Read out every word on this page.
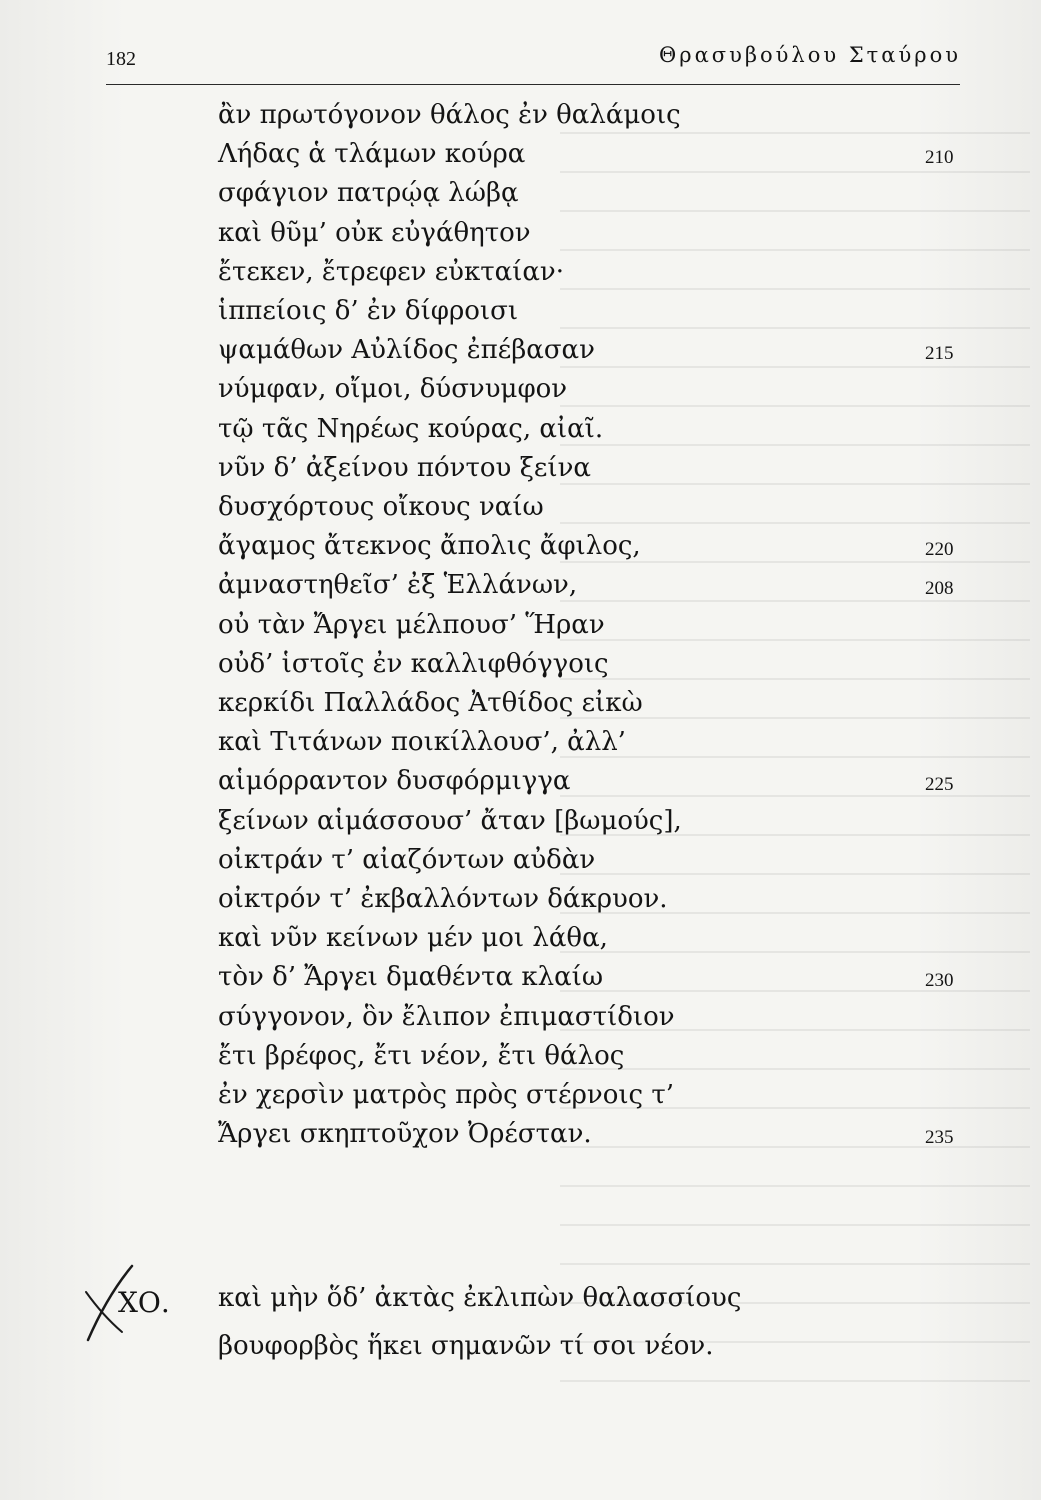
182	Θρασυβούλου Σταύρου
ἂν πρωτόγονον θάλος ἐν θαλάμοις
Λήδας ἁ τλάμων κούρα	210
σφάγιον πατρῴᾳ λώβᾳ
καὶ θῦμ’ οὐκ εὐγάθητον
ἔτεκεν, ἔτρεφεν εὐκταίαν·
ἱππείοις δ’ ἐν δίφροισι
ψαμάθων Αὐλίδος ἐπέβασαν	215
νύμφαν, οἴμοι, δύσνυμφον
τῷ τᾶς Νηρέως κούρας, αἰαῖ.
νῦν δ’ ἀξείνου πόντου ξείνα
δυσχόρτους οἴκους ναίω
ἄγαμος ἄτεκνος ἄπολις ἄφιλος,	220
ἀμναστηθεῖσ’ ἐξ Ἑλλάνων,	208
οὐ τὰν Ἄργει μέλπουσ’ Ἥραν
οὐδ’ ἱστοῖς ἐν καλλιφθόγγοις
κερκίδι Παλλάδος Ἀτθίδος εἰκὼ
καὶ Τιτάνων ποικίλλουσ’, ἀλλ’
αἱμόρραντον δυσφόρμιγγα	225
ξείνων αἱμάσσουσ’ ἄταν [βωμούς],
οἰκτράν τ’ αἰαζόντων αὐδὰν
οἰκτρόν τ’ ἐκβαλλόντων δάκρυον.
καὶ νῦν κείνων μέν μοι λάθα,
τὸν δ’ Ἄργει δμαθέντα κλαίω	230
σύγγονον, ὃν ἔλιπον ἐπιμαστίδιον
ἔτι βρέφος, ἔτι νέον, ἔτι θάλος
ἐν χερσὶν ματρὸς πρὸς στέρνοις τ’
Ἄργει σκηπτοῦχον Ὀρέσταν.	235
καὶ μὴν ὅδ’ ἀκτὰς ἐκλιπὼν θαλασσίους
βουφορβὸς ἥκει σημανῶν τί σοι νέον.
ΧΟ.
